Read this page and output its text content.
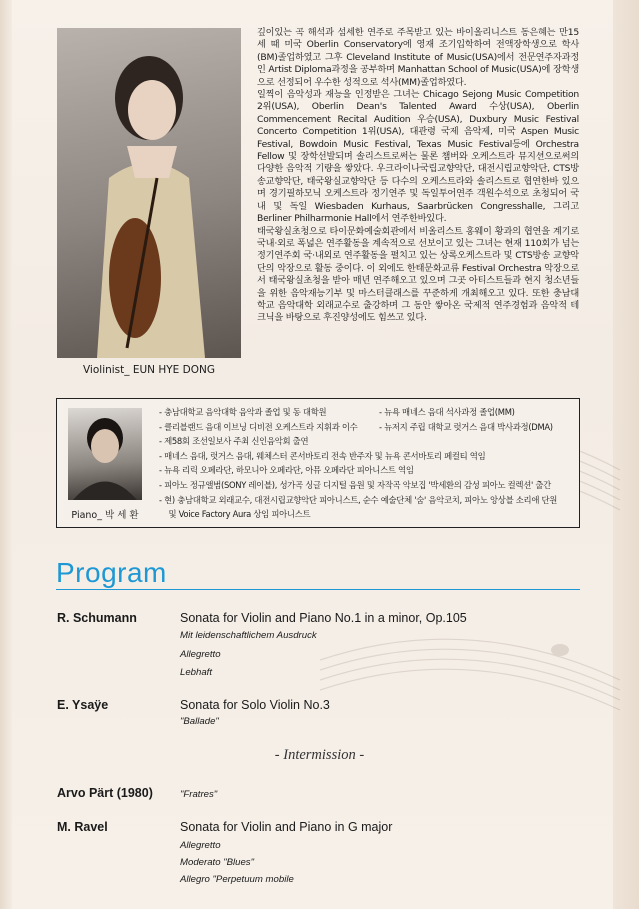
Violinist_ EUN HYE DONG

깊이있는 곡 해석과 섬세한 연주로 주목받고 있는 바이올리니스트 동은혜는 만15세 때 미국 Oberlin Conservatory에 영재 조기입학하여 전액장학생으로 학사(BM)졸업하였고 그후 Cleveland Institute of Music(USA)에서 전문연주자과정인 Artist Diploma과정을 공부하며 Manhattan School of Music(USA)에 장학생으로 선정되어 우수한 성적으로 석사(MM)졸업하였다.

일찍이 음악성과 재능을 인정받은 그녀는 Chicago Sejong Music Competition 2위(USA), Oberlin Dean's Talented Award 수상(USA), Oberlin Commencement Recital Audition 우승(USA), Duxbury Music Festival Concerto Competition 1위(USA), 대관령 국제 음악제, 미국 Aspen Music Festival, Bowdoin Music Festival, Texas Music Festival등에 Orchestra Fellow 및 장학선발되며 솔리스트로써는 물론 챔버와 오케스트라 뮤지션으로써의 다양한 음악적 기량을 쌓았다. 우크라이나국립교향악단, 대전시립교향악단, CTS방송교향악단, 태국왕실교향악단 등 다수의 오케스트라와 솔리스트로 협연한바 있으며 경기필하모닉 오케스트라 정기연주 및 독일투어연주 객원수석으로 초청되어 국내 및 독일 Wiesbaden Kurhaus, Saarbrücken Congresshalle, 그리고 Berliner Philharmonie Hall에서 연주한바있다.

태국왕실초청으로 타이문화예술회관에서 비올리스트 홍웨이 황과의 협연을 계기로 국내·외로 폭넓은 연주활동을 계속적으로 선보이고 있는 그녀는 현재 110회가 넘는 정기연주회 국·내외로 연주활동을 펼치고 있는 상록오케스트라 및 CTS방송 교향악단의 악장으로 활동 중이다. 이 외에도 한태문화교류 Festival Orchestra 악장으로서 태국왕실초청을 받아 매년 연주해오고 있으며 그곳 아티스트들과 현지 청소년들을 위한 음악재능기부 및 마스터클래스를 꾸준하게 개최해오고 있다. 또한 충남대학교 음악대학 외래교수로 출강하며 그 동안 쌓아온 국제적 연주경험과 음악적 테크닉을 바탕으로 후진양성에도 힘쓰고 있다.

Piano_ 박 세 환
- 충남대학교 음악대학 음악과 졸업 및 동 대학원
- 클리블랜드 음대 이브닝 디비전 오케스트라 지휘과 이수
- 제58회 조선일보사 주최 신인음악회 출연
- 매네스 음대, 럿거스 음대, 웨체스터 콘서바토리 전속 반주자 및 뉴욕 콘서바토리 페컬티 역임
- 뉴욕 리릭 오페라단, 하모니아 오페라단, 아뮤 오페라단 피아니스트 역임
- 피아노 정규앨범(SONY 레이블), 성가곡 싱글 디지털 음원 및 자작곡 악보집 '박세환의 감성 피아노 컬렉션' 출간
- 현) 충남대학교 외래교수, 대전시립교향악단 피아니스트, 순수 예술단체 '숨' 음악코치, 피아노 앙상블 소리애 단원
및 Voice Factory Aura 상임 피아니스트
- 뉴욕 매네스 음대 석사과정 졸업(MM)
- 뉴저지 주립 대학교 럿거스 음대 박사과정(DMA)
Program
R. Schumann	Sonata for Violin and Piano No.1 in a minor, Op.105
Mit leidenschaftlichem Ausdruck
Allegretto
Lebhaft
E. Ysaÿe	Sonata for Solo Violin No.3
"Ballade"
- Intermission -
Arvo Pärt (1980)	"Fratres"
M. Ravel	Sonata for Violin and Piano in G major
Allegretto
Moderato "Blues"
Allegro "Perpetuum mobile
